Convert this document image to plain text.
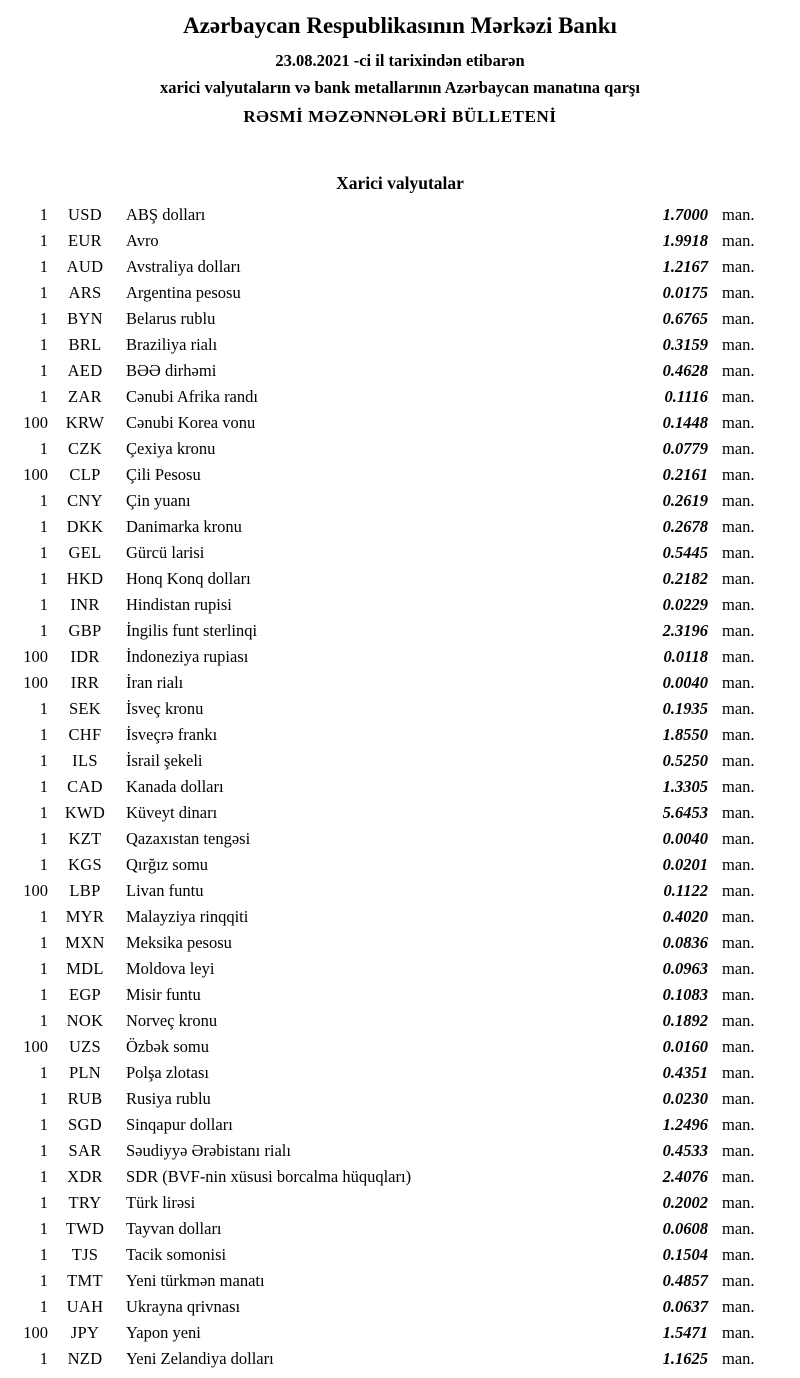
Azərbaycan Respublikasının Mərkəzi Bankı
23.08.2021 -ci il tarixindən etibarən
xarici valyutaların və bank metallarının Azərbaycan manatına qarşı
RƏSMİ MƏZƏNNƏLƏRİ BÜLLETENİ
Xarici valyutalar
1	USD	ABŞ dolları	1.7000 man.
1	EUR	Avro	1.9918 man.
1	AUD	Avstraliya dolları	1.2167 man.
1	ARS	Argentina pesosu	0.0175 man.
1	BYN	Belarus rublu	0.6765 man.
1	BRL	Braziliya rialı	0.3159 man.
1	AED	BƏƏ dirhəmi	0.4628 man.
1	ZAR	Cənubi Afrika randı	0.1116 man.
100	KRW	Cənubi Korea vonu	0.1448 man.
1	CZK	Çexiya kronu	0.0779 man.
100	CLP	Çili Pesosu	0.2161 man.
1	CNY	Çin yuanı	0.2619 man.
1	DKK	Danimarka kronu	0.2678 man.
1	GEL	Gürcü larisi	0.5445 man.
1	HKD	Honq Konq dolları	0.2182 man.
1	INR	Hindistan rupisi	0.0229 man.
1	GBP	İngilis funt sterlinqi	2.3196 man.
100	IDR	İndoneziya rupiası	0.0118 man.
100	IRR	İran rialı	0.0040 man.
1	SEK	İsveç kronu	0.1935 man.
1	CHF	İsveçrə frankı	1.8550 man.
1	ILS	İsrail şekeli	0.5250 man.
1	CAD	Kanada dolları	1.3305 man.
1	KWD	Küveyt dinarı	5.6453 man.
1	KZT	Qazaxıstan tengəsi	0.0040 man.
1	KGS	Qırğız somu	0.0201 man.
100	LBP	Livan funtu	0.1122 man.
1	MYR	Malayziya rinqqiti	0.4020 man.
1	MXN	Meksika pesosu	0.0836 man.
1	MDL	Moldova leyi	0.0963 man.
1	EGP	Misir funtu	0.1083 man.
1	NOK	Norveç kronu	0.1892 man.
100	UZS	Özbək somu	0.0160 man.
1	PLN	Polşa zlotası	0.4351 man.
1	RUB	Rusiya rublu	0.0230 man.
1	SGD	Sinqapur dolları	1.2496 man.
1	SAR	Səudiyyə Ərəbistanı rialı	0.4533 man.
1	XDR	SDR (BVF-nin xüsusi borcalma hüquqları)	2.4076 man.
1	TRY	Türk lirəsi	0.2002 man.
1	TWD	Tayvan dolları	0.0608 man.
1	TJS	Tacik somonisi	0.1504 man.
1	TMT	Yeni türkmən manatı	0.4857 man.
1	UAH	Ukrayna qrivnası	0.0637 man.
100	JPY	Yapon yeni	1.5471 man.
1	NZD	Yeni Zelandiya dolları	1.1625 man.
